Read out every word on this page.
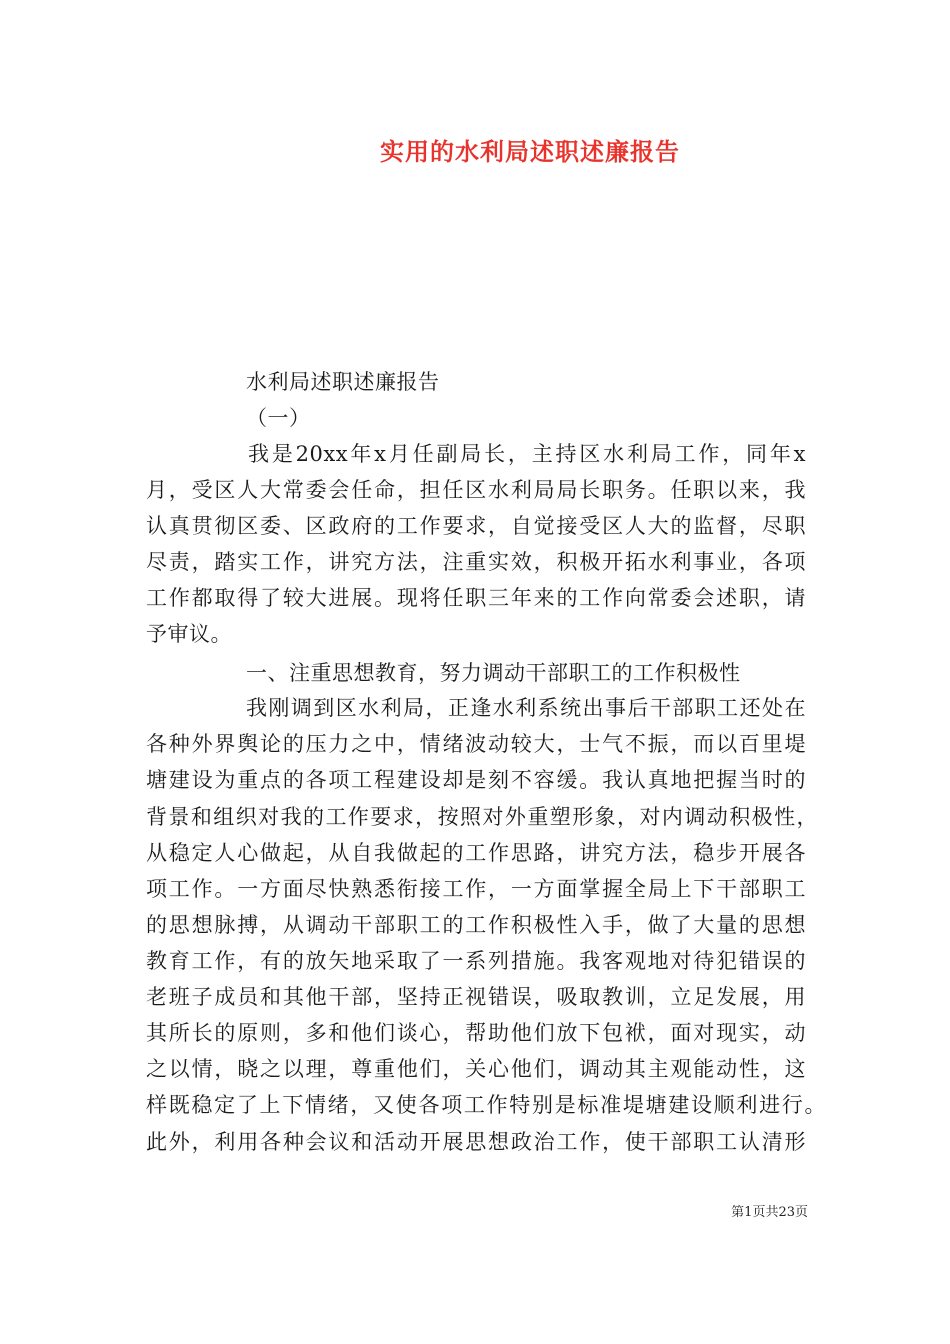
实用的水利局述职述廉报告
水利局述职述廉报告
（一）
我是20xx年x月任副局长，主持区水利局工作，同年x
月，受区人大常委会任命，担任区水利局局长职务。任职以来，我
认真贯彻区委、区政府的工作要求，自觉接受区人大的监督，尽职
尽责，踏实工作，讲究方法，注重实效，积极开拓水利事业，各项
工作都取得了较大进展。现将任职三年来的工作向常委会述职，请
予审议。
一、注重思想教育，努力调动干部职工的工作积极性
我刚调到区水利局，正逢水利系统出事后干部职工还处在
各种外界舆论的压力之中，情绪波动较大，士气不振，而以百里堤
塘建设为重点的各项工程建设却是刻不容缓。我认真地把握当时的
背景和组织对我的工作要求，按照对外重塑形象，对内调动积极性，
从稳定人心做起，从自我做起的工作思路，讲究方法，稳步开展各
项工作。一方面尽快熟悉衔接工作，一方面掌握全局上下干部职工
的思想脉搏，从调动干部职工的工作积极性入手，做了大量的思想
教育工作，有的放矢地采取了一系列措施。我客观地对待犯错误的
老班子成员和其他干部，坚持正视错误，吸取教训，立足发展，用
其所长的原则，多和他们谈心，帮助他们放下包袱，面对现实，动
之以情，晓之以理，尊重他们，关心他们，调动其主观能动性，这
样既稳定了上下情绪，又使各项工作特别是标准堤塘建设顺利进行。
此外，利用各种会议和活动开展思想政治工作，使干部职工认清形
第1页共23页
